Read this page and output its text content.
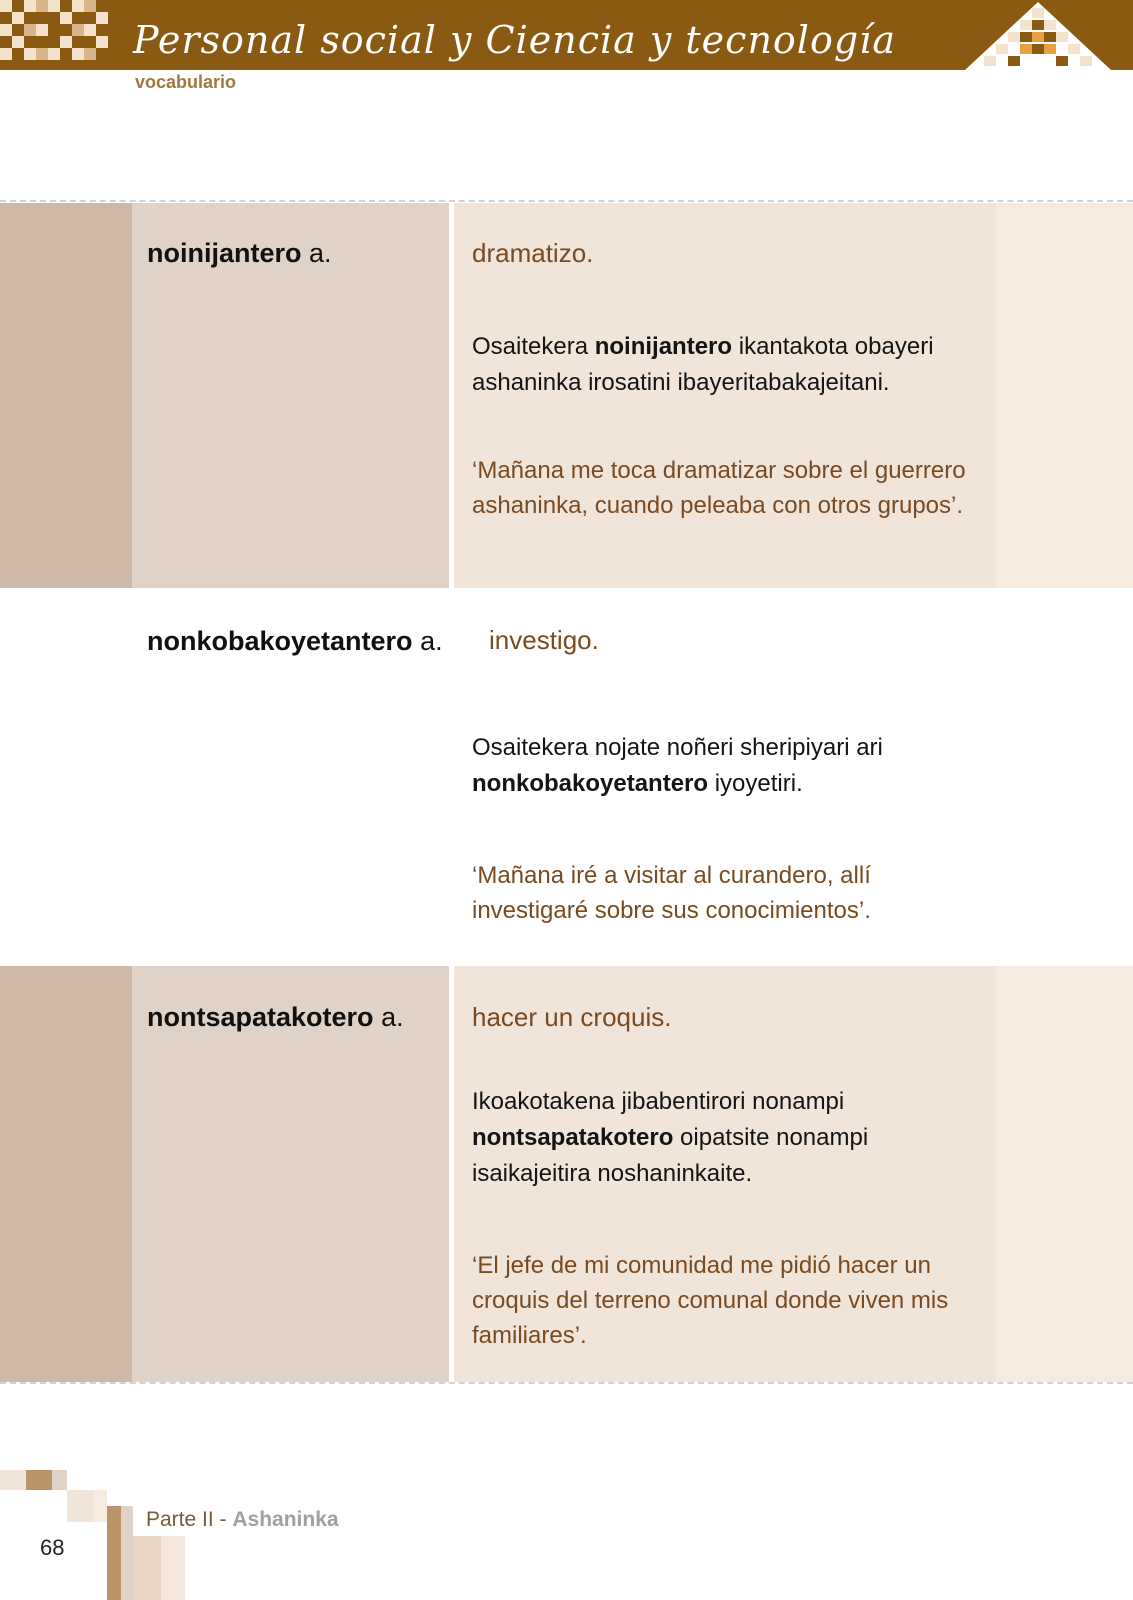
Personal social y Ciencia y tecnología
vocabulario
noinijantero a.	dramatizo.

Osaitekera noinijantero ikantakota obayeri ashaninka irosatini ibayeritabakajeitani.

‘Mañana me toca dramatizar sobre el guerrero ashaninka, cuando peleaba con otros grupos’.

nonkobakoyetantero a. investigo.

Osaitekera nojate noñeri sheripiyari ari nonkobakoyetantero iyoyetiri.

‘Mañana iré a visitar al curandero, allí investigaré sobre sus conocimientos’.

nontsapatakotero a.	hacer un croquis.

Ikoakotakena jibabentirori nonampi nontsapatakotero oipatsite nonampi isaikajeitira noshaninkaite.

‘El jefe de mi comunidad me pidió hacer un croquis del terreno comunal donde viven mis familiares’.

68
Parte II - Ashaninka
